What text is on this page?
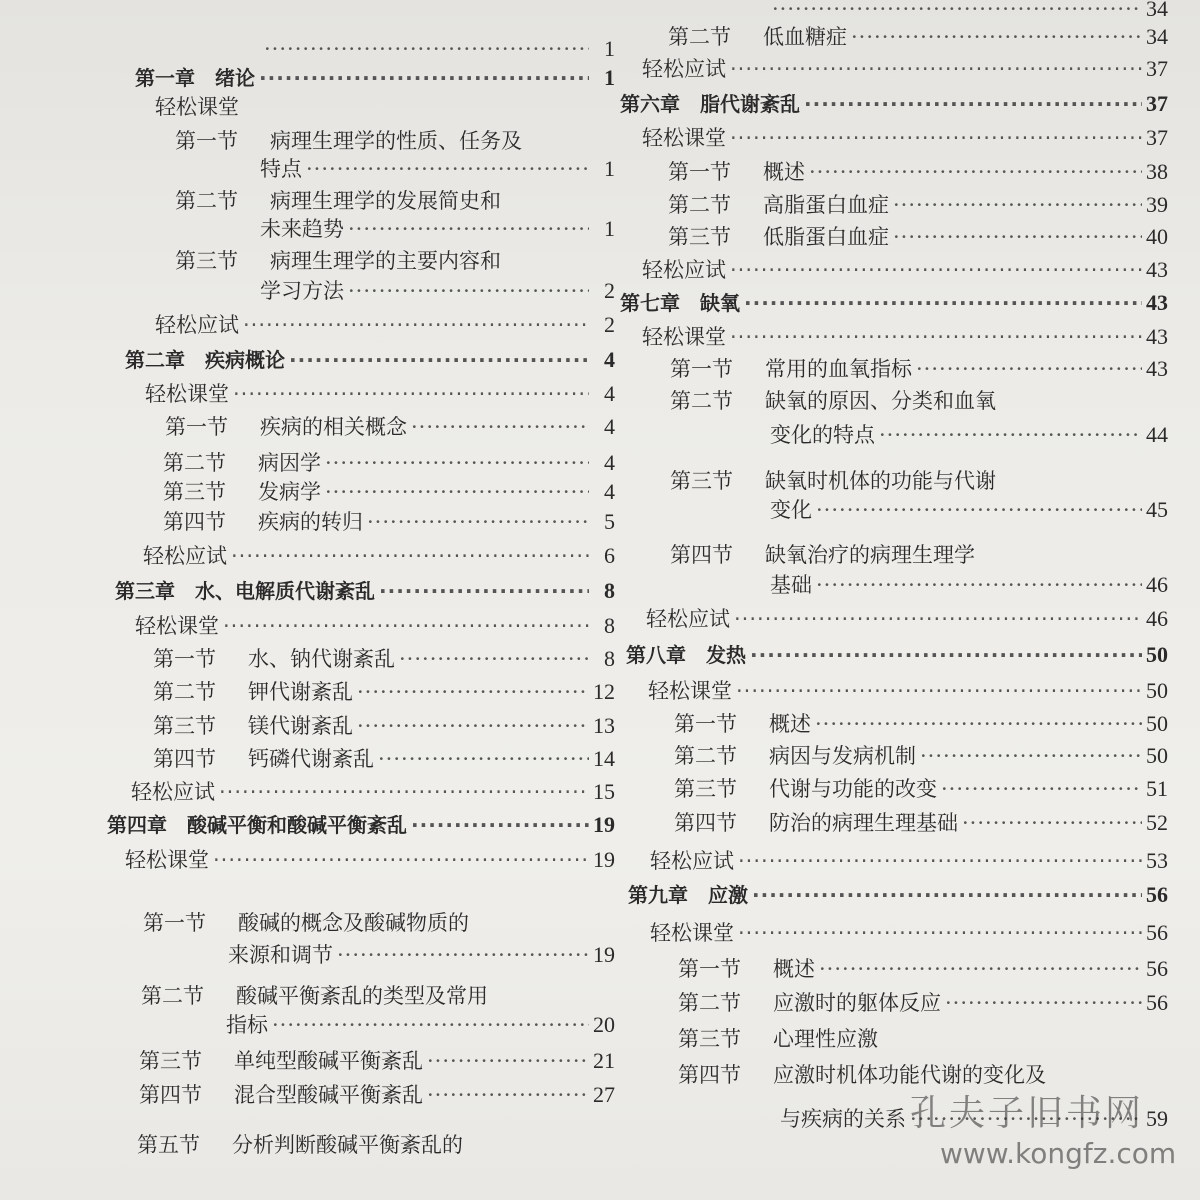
·····
1
第一章　绪论 ·····	1
轻松课堂
第一节	病理生理学的性质、任务及
特点 ·····	1
第二节	病理生理学的发展简史和
未来趋势 ·····	1
第三节	病理生理学的主要内容和
学习方法 ·····	2
轻松应试 ·····	2
第二章　疾病概论 ·····	4
轻松课堂 ·····	4
第一节	疾病的相关概念 ·····	4
第二节	病因学 ·····	4
第三节	发病学 ·····	4
第四节	疾病的转归 ·····	5
轻松应试 ·····	6
第三章　水、电解质代谢紊乱 ·····	8
轻松课堂 ·····	8
第一节	水、钠代谢紊乱 ·····	8
第二节	钾代谢紊乱 ·····	12
第三节	镁代谢紊乱 ·····	13
第四节	钙磷代谢紊乱 ·····	14
轻松应试 ·····	15
第四章　酸碱平衡和酸碱平衡紊乱 ·····	19
轻松课堂 ·····	19
第一节	酸碱的概念及酸碱物质的
来源和调节 ·····	19
第二节	酸碱平衡紊乱的类型及常用
指标 ·····	20
第三节	单纯型酸碱平衡紊乱 ·····	21
第四节	混合型酸碱平衡紊乱 ·····	27
第五节	分析判断酸碱平衡紊乱的
·····
34
第二节	低血糖症 ·····	34
轻松应试 ·····	37
第六章　脂代谢紊乱 ·····	37
轻松课堂 ·····	37
第一节	概述 ·····	38
第二节	高脂蛋白血症 ·····	39
第三节	低脂蛋白血症 ·····	40
轻松应试 ·····	43
第七章　缺氧 ·····	43
轻松课堂 ·····	43
第一节	常用的血氧指标 ·····	43
第二节	缺氧的原因、分类和血氧
变化的特点 ·····	44
第三节	缺氧时机体的功能与代谢
变化 ·····	45
第四节	缺氧治疗的病理生理学
基础 ·····	46
轻松应试 ·····	46
第八章　发热 ·····	50
轻松课堂 ·····	50
第一节	概述 ·····	50
第二节	病因与发病机制 ·····	50
第三节	代谢与功能的改变 ·····	51
第四节	防治的病理生理基础 ·····	52
轻松应试 ·····	53
第九章　应激 ·····	56
轻松课堂 ·····	56
第一节	概述 ·····	56
第二节	应激时的躯体反应 ·····	56
第三节	心理性应激
第四节	应激时机体功能代谢的变化及
与疾病的关系 ·····	59
孔夫子旧书网
www.kongfz.com
